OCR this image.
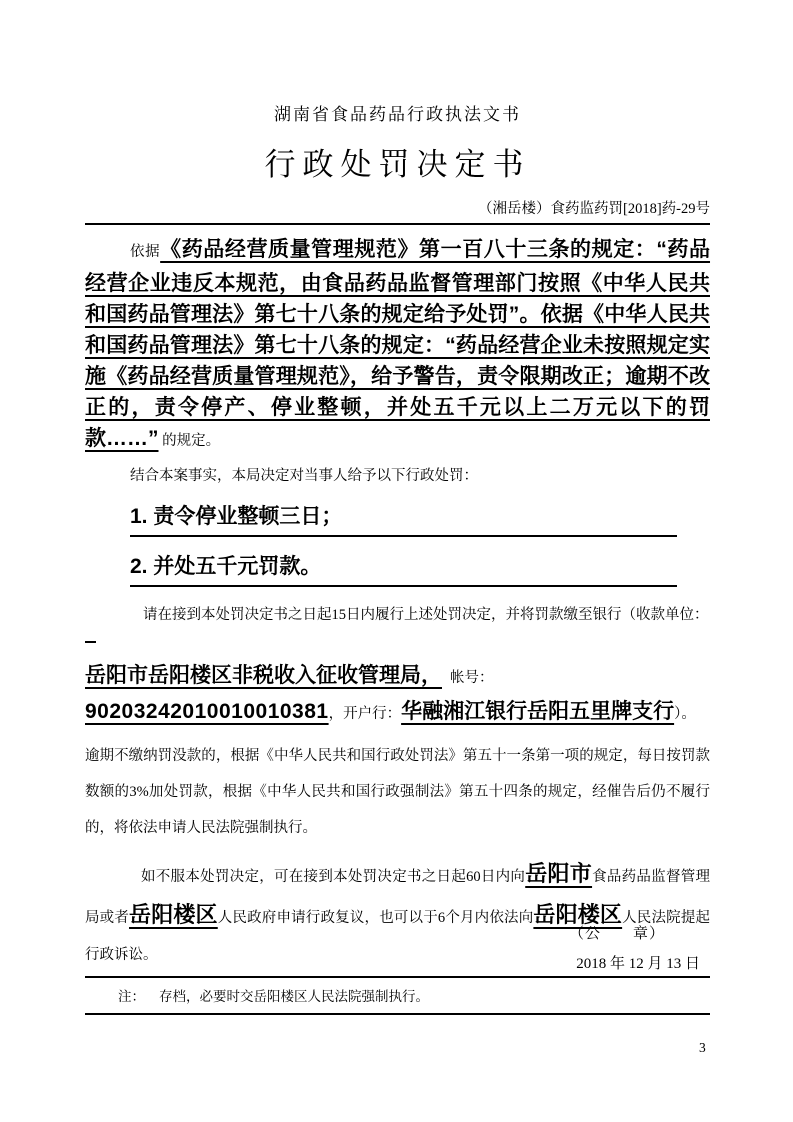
湖南省食品药品行政执法文书
行政处罚决定书
（湘岳楼）食药监药罚[2018]药-29号

依据《药品经营质量管理规范》第一百八十三条的规定：“药品经营企业违反本规范，由食品药品监督管理部门按照《中华人民共和国药品管理法》第七十八条的规定给予处罚”。依据《中华人民共和国药品管理法》第七十八条的规定：“药品经营企业未按照规定实施《药品经营质量管理规范》，给予警告，责令限期改正；逾期不改正的，责令停产、停业整顿，并处五千元以上二万元以下的罚款……” 的规定。

结合本案事实，本局决定对当事人给予以下行政处罚：

1. 责令停业整顿三日；
2. 并处五千元罚款。
请在接到本处罚决定书之日起15日内履行上述处罚决定，并将罚款缴至银行（收款单位：
岳阳市岳阳楼区非税收入征收管理局， 帐号：
90203242010010010381，开户行：华融湘江银行岳阳五里牌支行）。

逾期不缴纳罚没款的，根据《中华人民共和国行政处罚法》第五十一条第一项的规定，每日按罚款数额的3%加处罚款，根据《中华人民共和国行政强制法》第五十四条的规定，经催告后仍不履行的，将依法申请人民法院强制执行。

如不服本处罚决定，可在接到本处罚决定书之日起60日内向岳阳市食品药品监督管理局或者岳阳楼区人民政府申请行政复议，也可以于6个月内依法向岳阳楼区人民法院提起行政诉讼。

（公　　章）
2018 年 12 月 13 日
注： 存档，必要时交岳阳楼区人民法院强制执行。
3
